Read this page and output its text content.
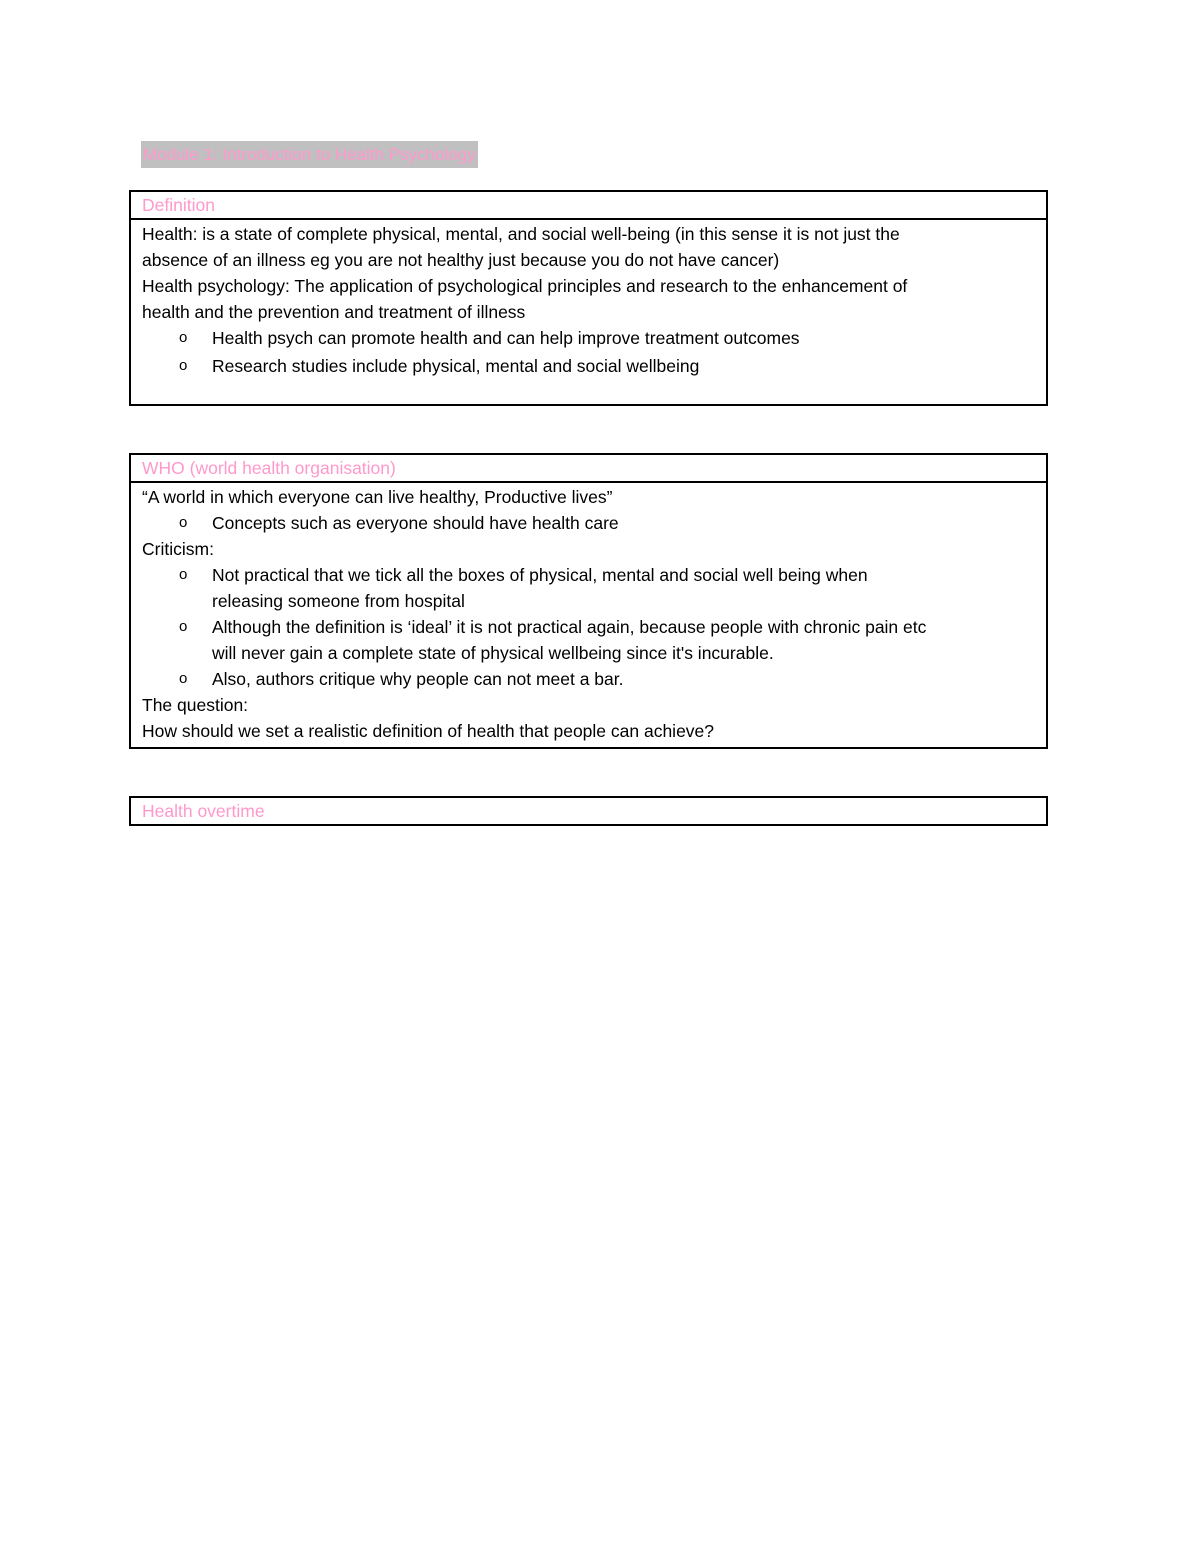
Module 1: Introduction to Health Psychology
Definition
Health: is a state of complete physical, mental, and social well-being (in this sense it is not just the
absence of an illness eg you are not healthy just because you do not have cancer)
Health psychology: The application of psychological principles and research to the enhancement of
health and the prevention and treatment of illness
o Health psych can promote health and can help improve treatment outcomes
o Research studies include physical, mental and social wellbeing
WHO (world health organisation)
“A world in which everyone can live healthy, Productive lives”
o Concepts such as everyone should have health care
Criticism:
o Not practical that we tick all the boxes of physical, mental and social well being when
releasing someone from hospital
o Although the definition is ‘ideal’ it is not practical again, because people with chronic pain etc
will never gain a complete state of physical wellbeing since it's incurable.
o Also, authors critique why people can not meet a bar.
The question:
How should we set a realistic definition of health that people can achieve?
Health overtime
